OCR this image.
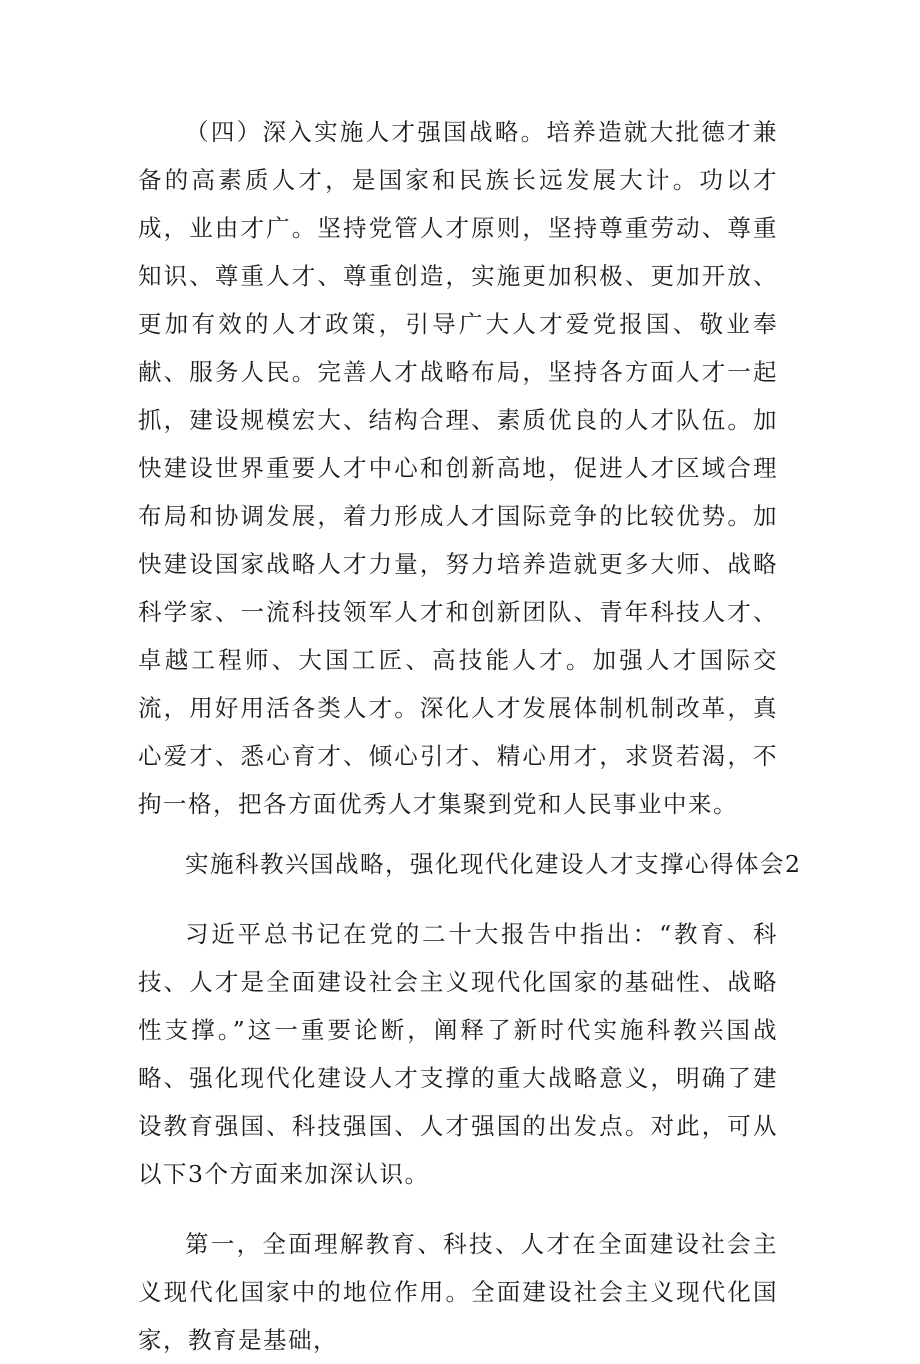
（四）深入实施人才强国战略。培养造就大批德才兼备的高素质人才，是国家和民族长远发展大计。功以才成，业由才广。坚持党管人才原则，坚持尊重劳动、尊重知识、尊重人才、尊重创造，实施更加积极、更加开放、更加有效的人才政策，引导广大人才爱党报国、敬业奉献、服务人民。完善人才战略布局，坚持各方面人才一起抓，建设规模宏大、结构合理、素质优良的人才队伍。加快建设世界重要人才中心和创新高地，促进人才区域合理布局和协调发展，着力形成人才国际竞争的比较优势。加快建设国家战略人才力量，努力培养造就更多大师、战略科学家、一流科技领军人才和创新团队、青年科技人才、卓越工程师、大国工匠、高技能人才。加强人才国际交流，用好用活各类人才。深化人才发展体制机制改革，真心爱才、悉心育才、倾心引才、精心用才，求贤若渴，不拘一格，把各方面优秀人才集聚到党和人民事业中来。

实施科教兴国战略，强化现代化建设人才支撑心得体会2

习近平总书记在党的二十大报告中指出：“教育、科技、人才是全面建设社会主义现代化国家的基础性、战略性支撑。”这一重要论断，阐释了新时代实施科教兴国战略、强化现代化建设人才支撑的重大战略意义，明确了建设教育强国、科技强国、人才强国的出发点。对此，可从以下3个方面来加深认识。

第一，全面理解教育、科技、人才在全面建设社会主义现代化国家中的地位作用。全面建设社会主义现代化国家，教育是基础，
